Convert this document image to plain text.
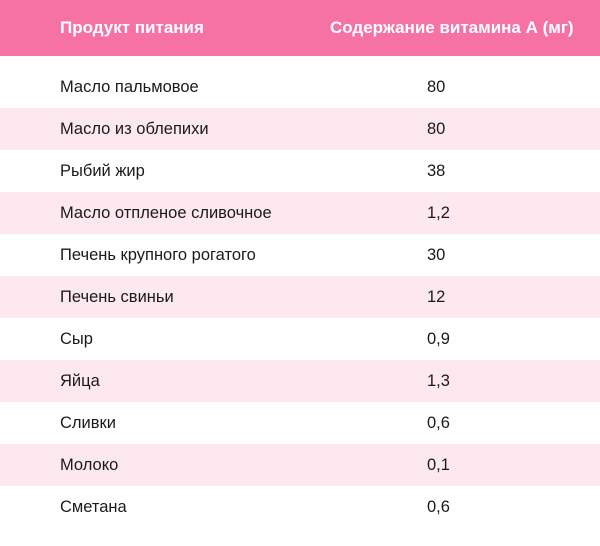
Продукт питания	Содержание витамина А (мг)
Масло пальмовое	80
Масло из облепихи	80
Рыбий жир	38
Масло отпленое сливочное	1,2
Печень крупного рогатого	30
Печень свиньи	12
Сыр	0,9
Яйца	1,3
Сливки	0,6
Молоко	0,1
Сметана	0,6
